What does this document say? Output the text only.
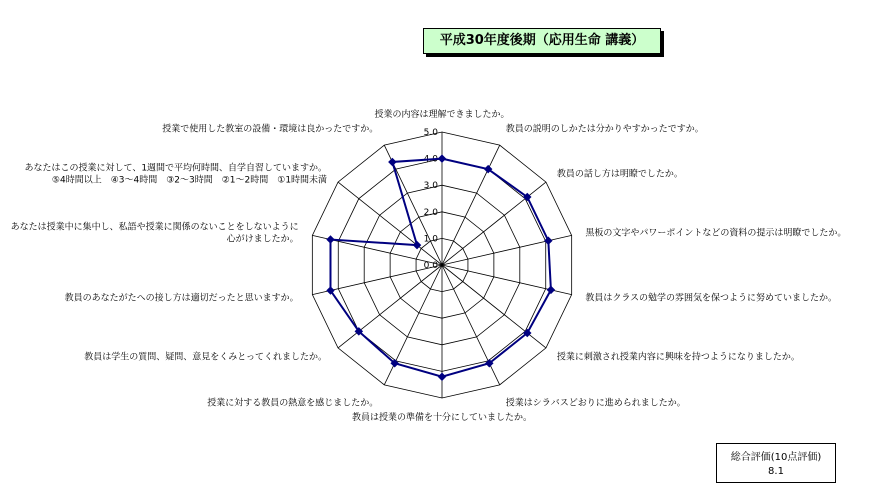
平成30年度後期（応用生命 講義）
0.0
1.0
2.0
3.0
4.0
5.0
授業の内容は理解できましたか。
教員の説明のしかたは分かりやすかったですか。
教員の話し方は明瞭でしたか。
黒板の文字やパワーポイントなどの資料の提示は明瞭でしたか。
教員はクラスの勉学の雰囲気を保つように努めていましたか。
授業に刺激され授業内容に興味を持つようになりましたか。
授業はシラバスどおりに進められましたか。
教員は授業の準備を十分にしていましたか。
授業に対する教員の熱意を感じましたか。
教員は学生の質問、疑問、意見をくみとってくれましたか。
教員のあなたがたへの接し方は適切だったと思いますか。
あなたは授業中に集中し、私語や授業に関係のないことをしないように
心がけましたか。
あなたはこの授業に対して、1週間で平均何時間、自学自習していますか。
⑤4時間以上　④3～4時間　③2～3時間　②1～2時間　①1時間未満
授業で使用した教室の設備・環境は良かったですか。
総合評価(10点評価)
8.1
